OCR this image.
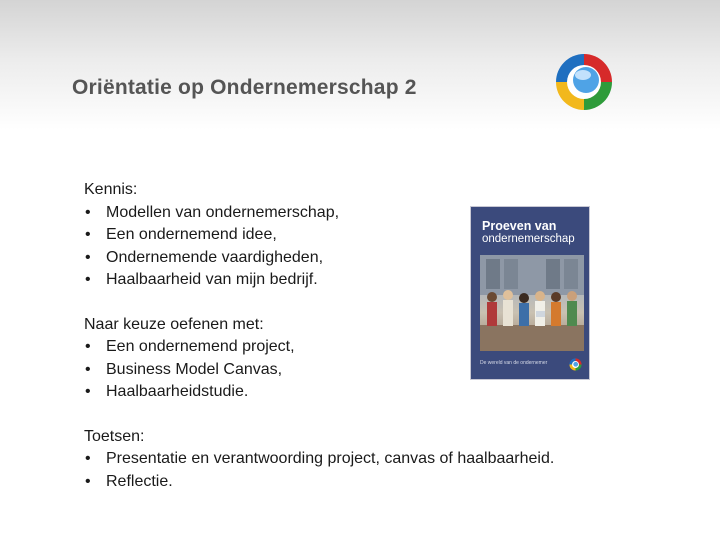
Oriëntatie op Ondernemerschap 2
Kennis:
• Modellen van ondernemerschap,
• Een ondernemend idee,
• Ondernemende vaardigheden,
• Haalbaarheid van mijn bedrijf.
Naar keuze oefenen met:
• Een ondernemend project,
• Business Model Canvas,
• Haalbaarheidstudie.
Toetsen:
• Presentatie en verantwoording project, canvas of haalbaarheid.
• Reflectie.
Proeven van
ondernemerschap
De wereld van de ondernemer
